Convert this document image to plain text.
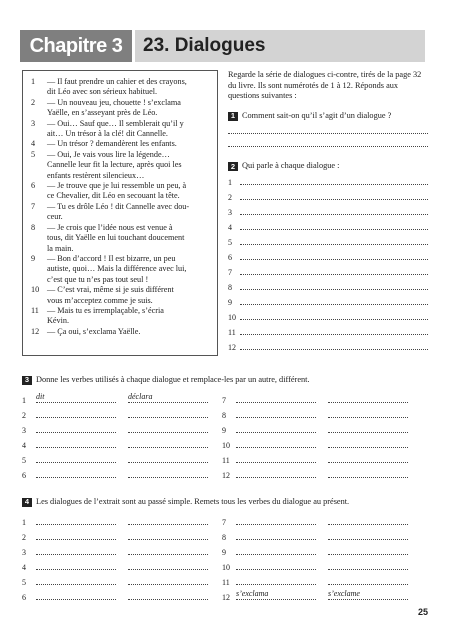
Chapitre 3	23. Dialogues
1	— Il faut prendre un cahier et des crayons,
dit Léo avec son sérieux habituel.
2	— Un nouveau jeu, chouette ! s’exclama
Yaëlle, en s’asseyant près de Léo.
3	— Oui… Sauf que… Il semblerait qu’il y
ait… Un trésor à la clé! dit Cannelle.
4	— Un trésor ? demandèrent les enfants.
5	— Oui, Je vais vous lire la légende…
Cannelle leur fit la lecture, après quoi les
enfants restèrent silencieux…
6	— Je trouve que je lui ressemble un peu, à
ce Chevalier, dit Léo en secouant la tête.
7	— Tu es drôle Léo ! dit Cannelle avec dou-
ceur.
8	— Je crois que l’idée nous est venue à
tous, dit Yaëlle en lui touchant doucement
la main.
9	— Bon d’accord ! Il est bizarre, un peu
autiste, quoi… Mais la différence avec lui,
c’est que tu n’es pas tout seul !
10 — C’est vrai, même si je suis différent
vous m’acceptez comme je suis.
11 — Mais tu es irremplaçable, s’écria
Kévin.
12 — Ça oui, s’exclama Yaëlle.

Regarde la série de dialogues ci-contre, tirés de la page 32 du livre. Ils sont numérotés de 1 à 12. Réponds aux questions suivantes :

1 Comment sait-on qu’il s’agit d’un dialogue ?
2 Qui parle à chaque dialogue :
1
2
3
4
5
6
7
8
9
10
11
12
3 Donne les verbes utilisés à chaque dialogue et remplace-les par un autre, différent.
1	dit	déclara
2
3
4
5
6
7
8
9
10
11
12
4 Les dialogues de l’extrait sont au passé simple. Remets tous les verbes du dialogue au présent.
1
2
3
4
5
6
7
8
9
10
11
12 s’exclama	s’exclame
25
